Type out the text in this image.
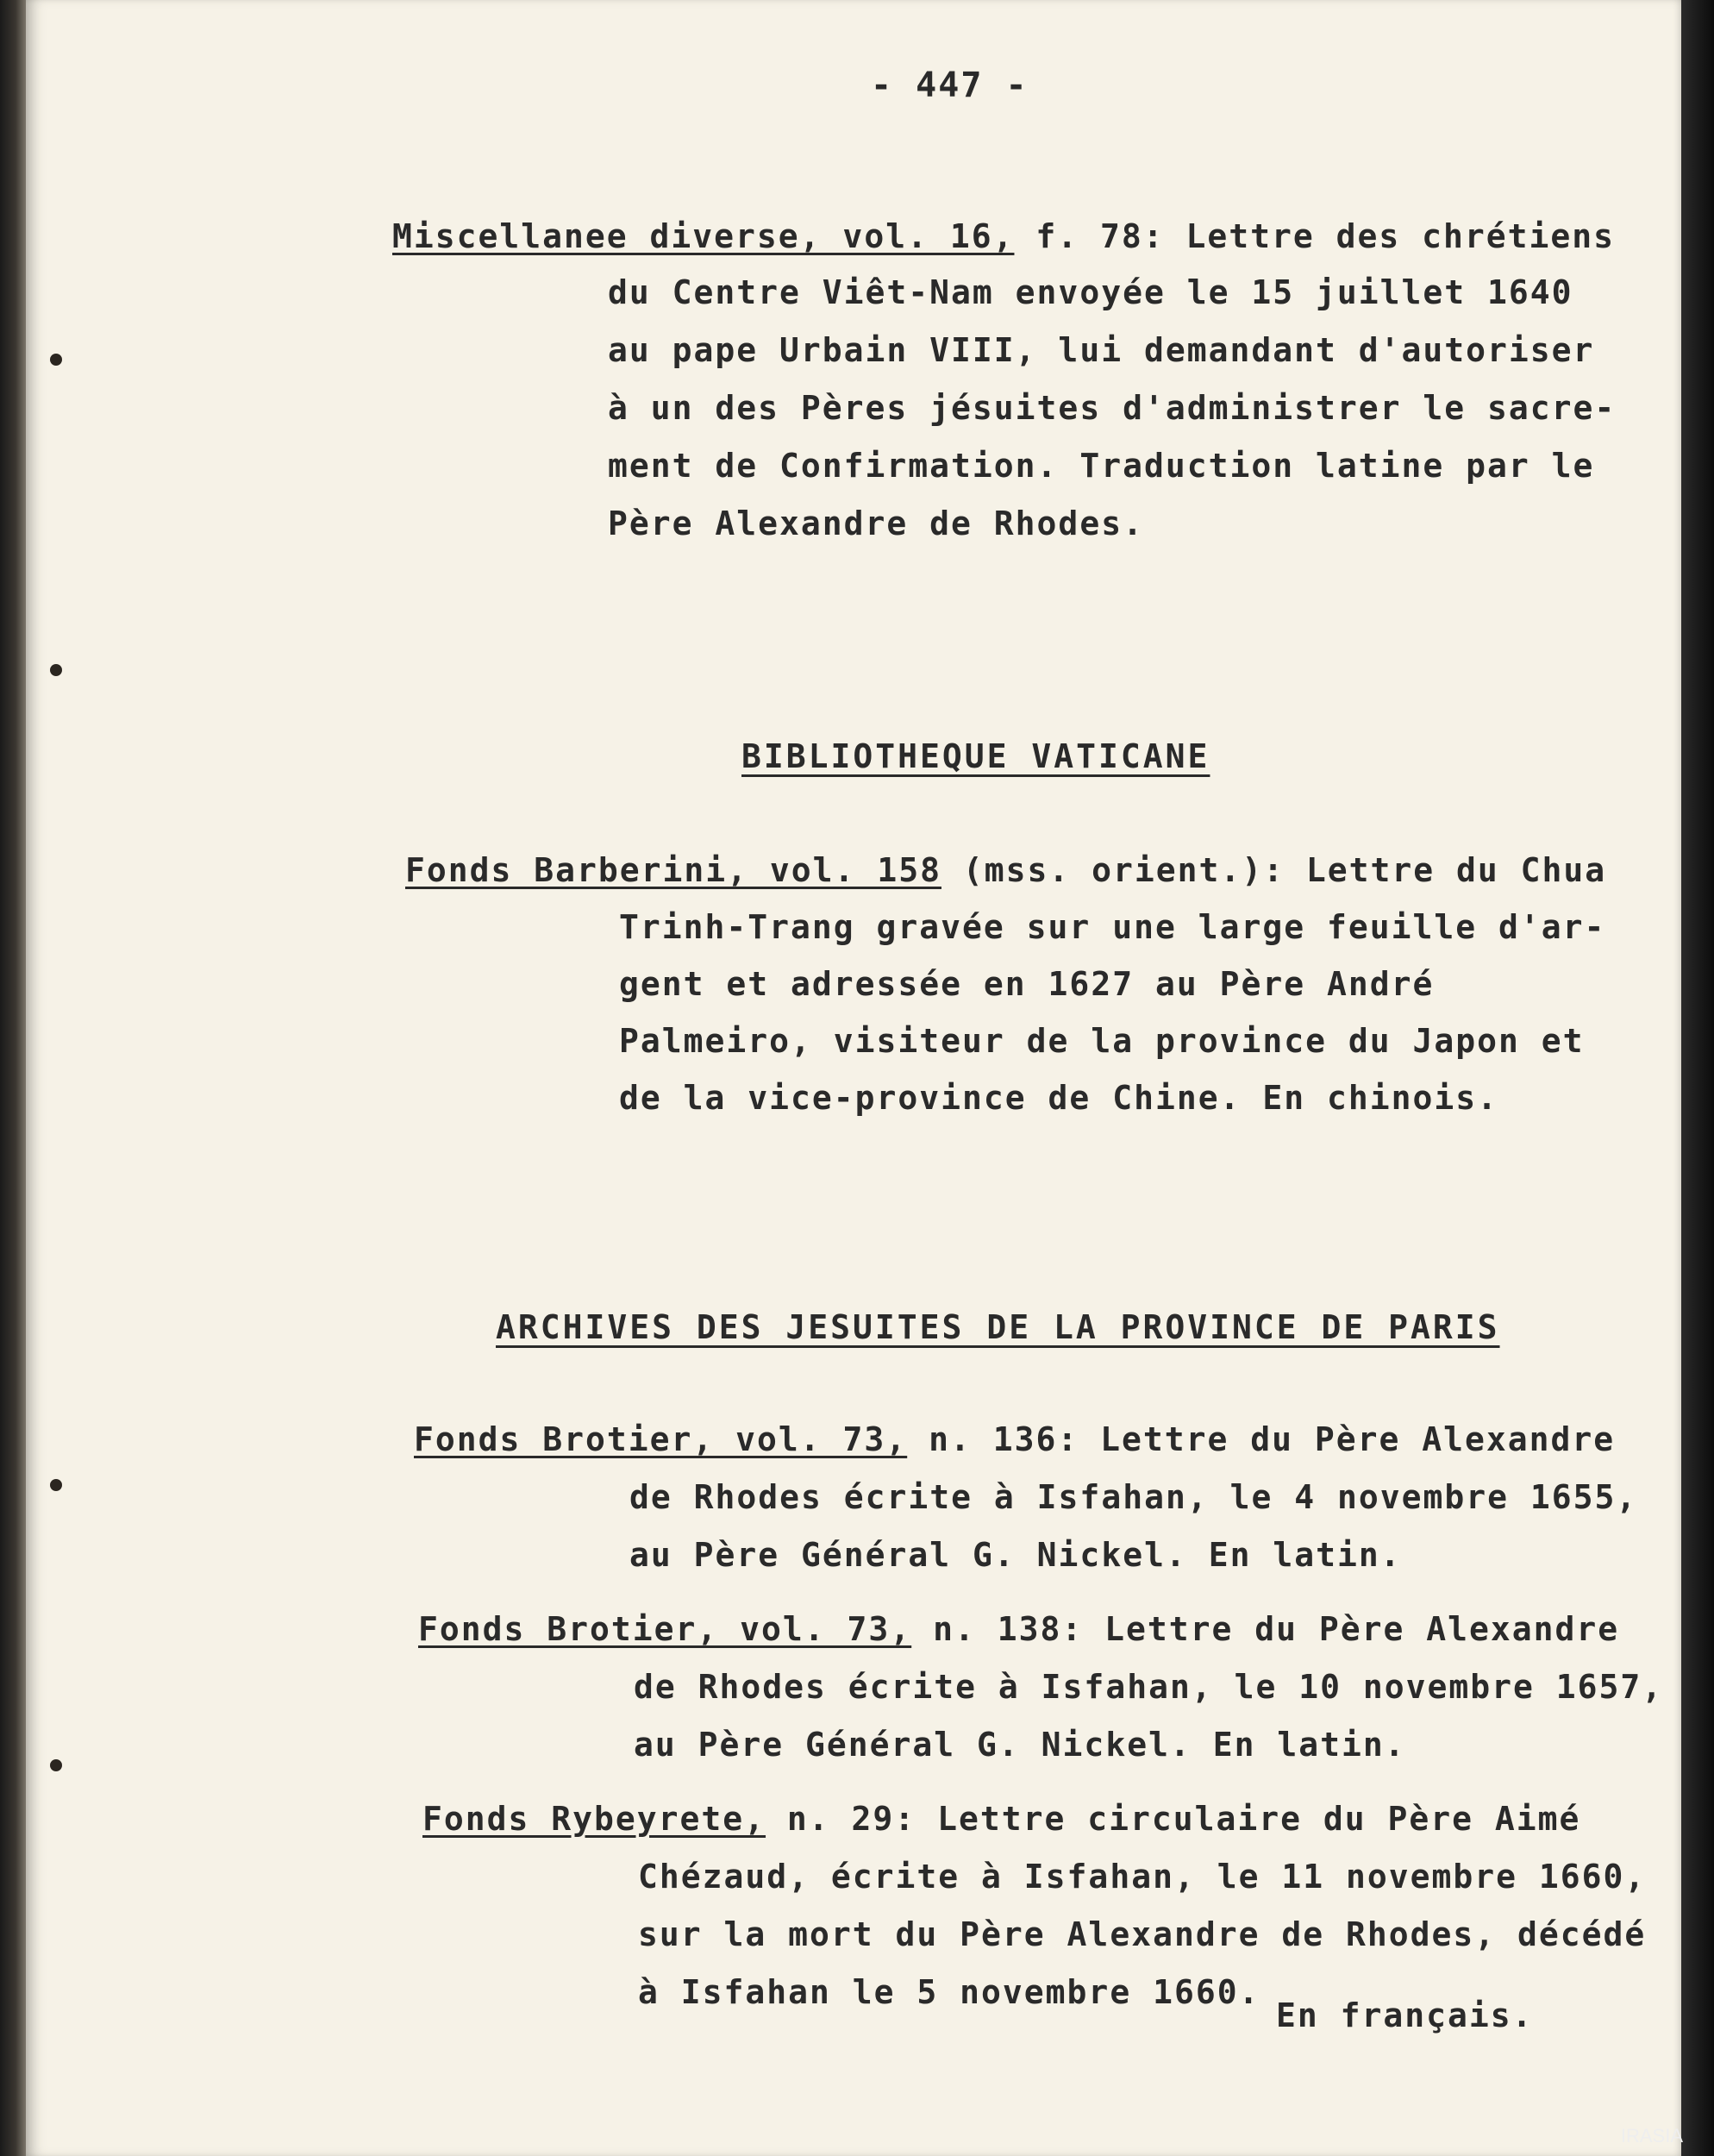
- 447 -
Miscellanee diverse, vol. 16, f. 78: Lettre des chrétiens
du Centre Viêt-Nam envoyée le 15 juillet 1640
au pape Urbain VIII, lui demandant d'autoriser
à un des Pères jésuites d'administrer le sacre-
ment de Confirmation. Traduction latine par le
Père Alexandre de Rhodes.
BIBLIOTHEQUE VATICANE
Fonds Barberini, vol. 158 (mss. orient.): Lettre du Chua
Trinh-Trang gravée sur une large feuille d'ar-
gent et adressée en 1627 au Père André
Palmeiro, visiteur de la province du Japon et
de la vice-province de Chine. En chinois.
ARCHIVES DES JESUITES DE LA PROVINCE DE PARIS
Fonds Brotier, vol. 73, n. 136: Lettre du Père Alexandre
de Rhodes écrite à Isfahan, le 4 novembre 1655,
au Père Général G. Nickel. En latin.
Fonds Brotier, vol. 73, n. 138: Lettre du Père Alexandre
de Rhodes écrite à Isfahan, le 10 novembre 1657,
au Père Général G. Nickel. En latin.
Fonds Rybeyrete, n. 29: Lettre circulaire du Père Aimé
Chézaud, écrite à Isfahan, le 11 novembre 1660,
sur la mort du Père Alexandre de Rhodes, décédé
à Isfahan le 5 novembre 1660.
En français.
IRASIA
